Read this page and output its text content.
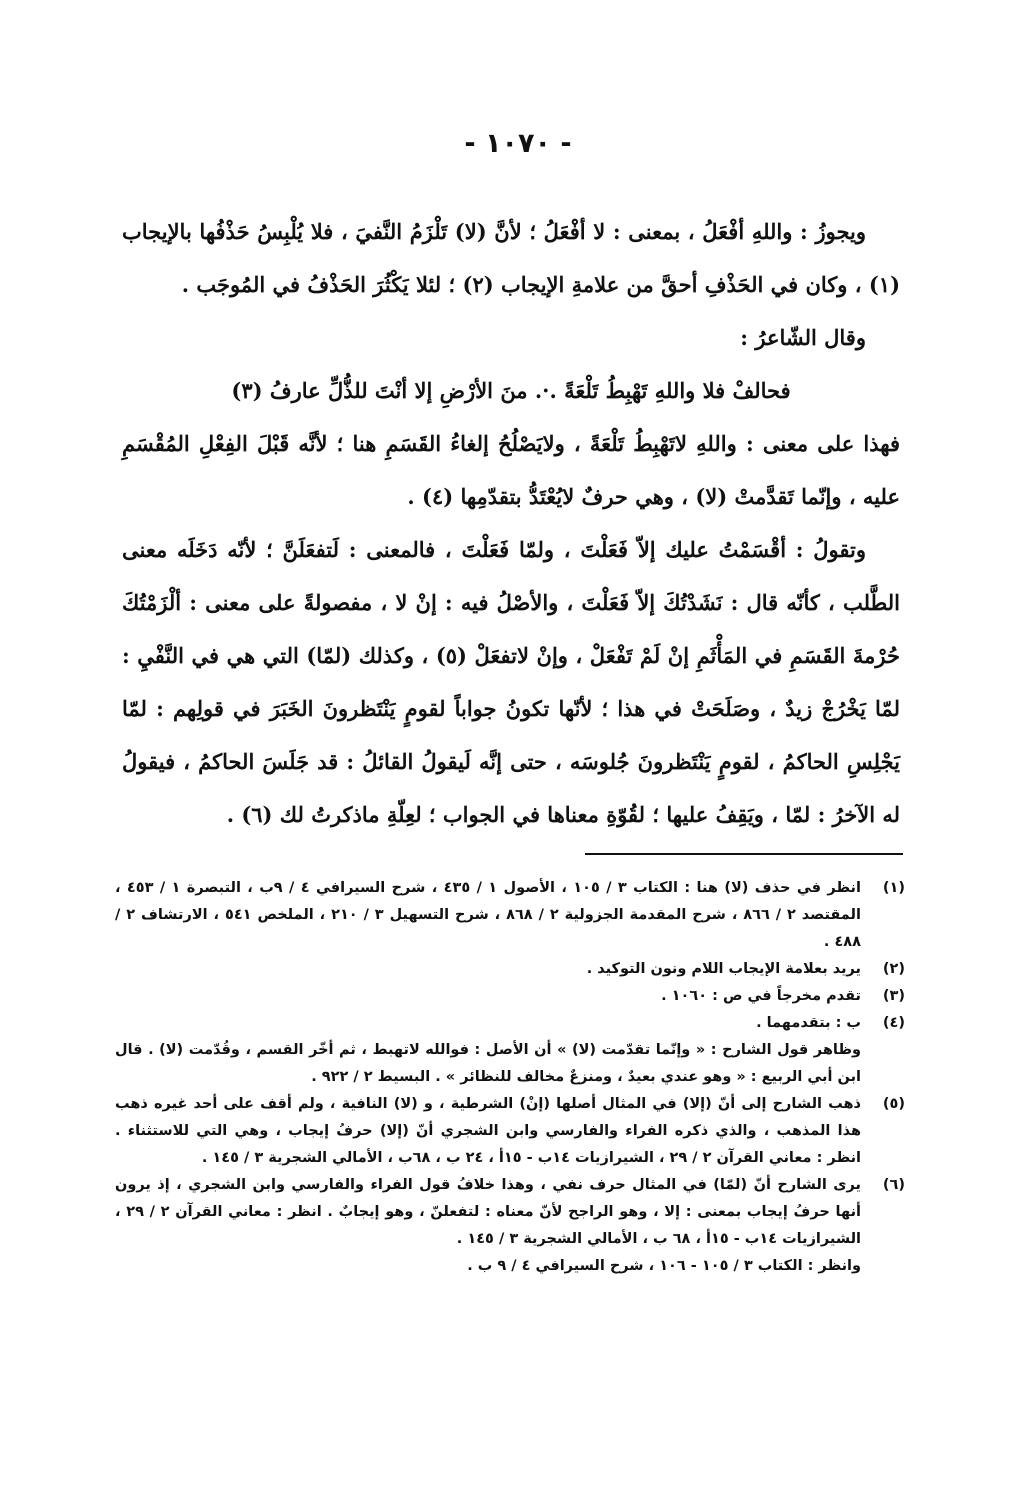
- ١٠٧٠ -

ويجوزُ : واللهِ أفْعَلُ ، بمعنى : لا أفْعَلُ ؛ لأنَّ (لا) تَلْزَمُ النَّفيَ ، فلا يُلْبِسُ حَذْفُها بالإيجاب (١) ، وكان في الحَذْفِ أحقَّ من علامةِ الإيجاب (٢) ؛ لئلا يَكْثُرَ الحَذْفُ في المُوجَب .

وقال الشّاعرُ :

فحالفْ فلا واللهِ تَهْبِطُ تَلْعَةً .·. منَ الأرْضِ إلا أنْتَ للذُّلِّ عارفُ (٣)

فهذا على معنى : واللهِ لاتَهْبِطُ تَلْعَةً ، ولايَصْلُحُ إلغاءُ القَسَمِ هنا ؛ لأنَّه قَبْلَ الفِعْلِ المُقْسَمِ عليه ، وإنّما تَقدَّمتْ (لا) ، وهي حرفٌ لايُعْتَدُّ بتقدّمِها (٤) .

وتقولُ : أقْسَمْتُ عليك إلاّ فَعَلْتَ ، ولمّا فَعَلْتَ ، فالمعنى : لَتفعَلَنَّ ؛ لأنّه دَخَلَه معنى الطَّلب ، كأنّه قال : نَشَدْتُكَ إلاّ فَعَلْتَ ، والأصْلُ فيه : إنْ لا ، مفصولةً على معنى : ألْزَمْتُكَ حُرْمةَ القَسَمِ في المَأْثَمِ إنْ لَمْ تَفْعَلْ ، وإنْ لاتفعَلْ (٥) ، وكذلك (لمّا) التي هي في النَّفْيِ : لمّا يَخْرُجْ زيدٌ ، وصَلَحَتْ في هذا ؛ لأنّها تكونُ جواباً لقومٍ يَنْتَظرونَ الخَبَرَ في قولِهم : لمّا يَجْلِسِ الحاكمُ ، لقومٍ يَنْتَظرونَ جُلوسَه ، حتى إنَّه لَيقولُ القائلُ : قد جَلَسَ الحاكمُ ، فيقولُ له الآخرُ : لمّا ، ويَقِفُ عليها ؛ لقُوّةِ معناها في الجواب ؛ لعِلّةِ ماذكرتُ لك (٦) .

(١)
انظر في حذف (لا) هنا : الكتاب ٣ / ١٠٥ ، الأصول ١ / ٤٣٥ ، شرح السيرافي ٤ / ٩ب ، التبصرة ١ / ٤٥٣ ، المقتصد ٢ / ٨٦٦ ، شرح المقدمة الجزولية ٢ / ٨٦٨ ، شرح التسهيل ٣ / ٢١٠ ، الملخص ٥٤١ ، الارتشاف ٢ / ٤٨٨ .
(٢)
يريد بعلامة الإيجاب اللام ونون التوكيد .
(٣)
تقدم مخرجاً في ص : ١٠٦٠ .
(٤)
ب : بتقدمهما .
وظاهر قول الشارح : « وإنّما تقدّمت (لا) » أن الأصل : فوالله لاتهبط ، ثم أخّر القسم ، وقُدّمت (لا) . قال ابن أبي الربيع : « وهو عندي بعيدٌ ، ومنزعٌ مخالف للنظائر » . البسيط ٢ / ٩٢٢ .
(٥)
ذهب الشارح إلى أنّ (إلا) في المثال أصلها (إنْ) الشرطية ، و (لا) النافية ، ولم أقف على أحد غيره ذهب هذا المذهب ، والذي ذكره الفراء والفارسي وابن الشجري أنّ (إلا) حرفُ إيجاب ، وهي التي للاستثناء . انظر : معاني القرآن ٢ / ٢٩ ، الشيرازيات ١٤ب - ١٥أ ، ٢٤ ب ، ٦٨ب ، الأمالي الشجرية ٣ / ١٤٥ .
(٦)
يرى الشارح أنّ (لمّا) في المثال حرف نفي ، وهذا خلافُ قول الفراء والفارسي وابن الشجري ، إذ يرون أنها حرفُ إيجاب بمعنى : إلا ، وهو الراجح لأنّ معناه : لتفعلنّ ، وهو إيجابٌ . انظر : معاني القرآن ٢ / ٢٩ ، الشيرازيات ١٤ب - ١٥أ ، ٦٨ ب ، الأمالي الشجرية ٣ / ١٤٥ .
وانظر : الكتاب ٣ / ١٠٥ - ١٠٦ ، شرح السيرافي ٤ / ٩ ب .
